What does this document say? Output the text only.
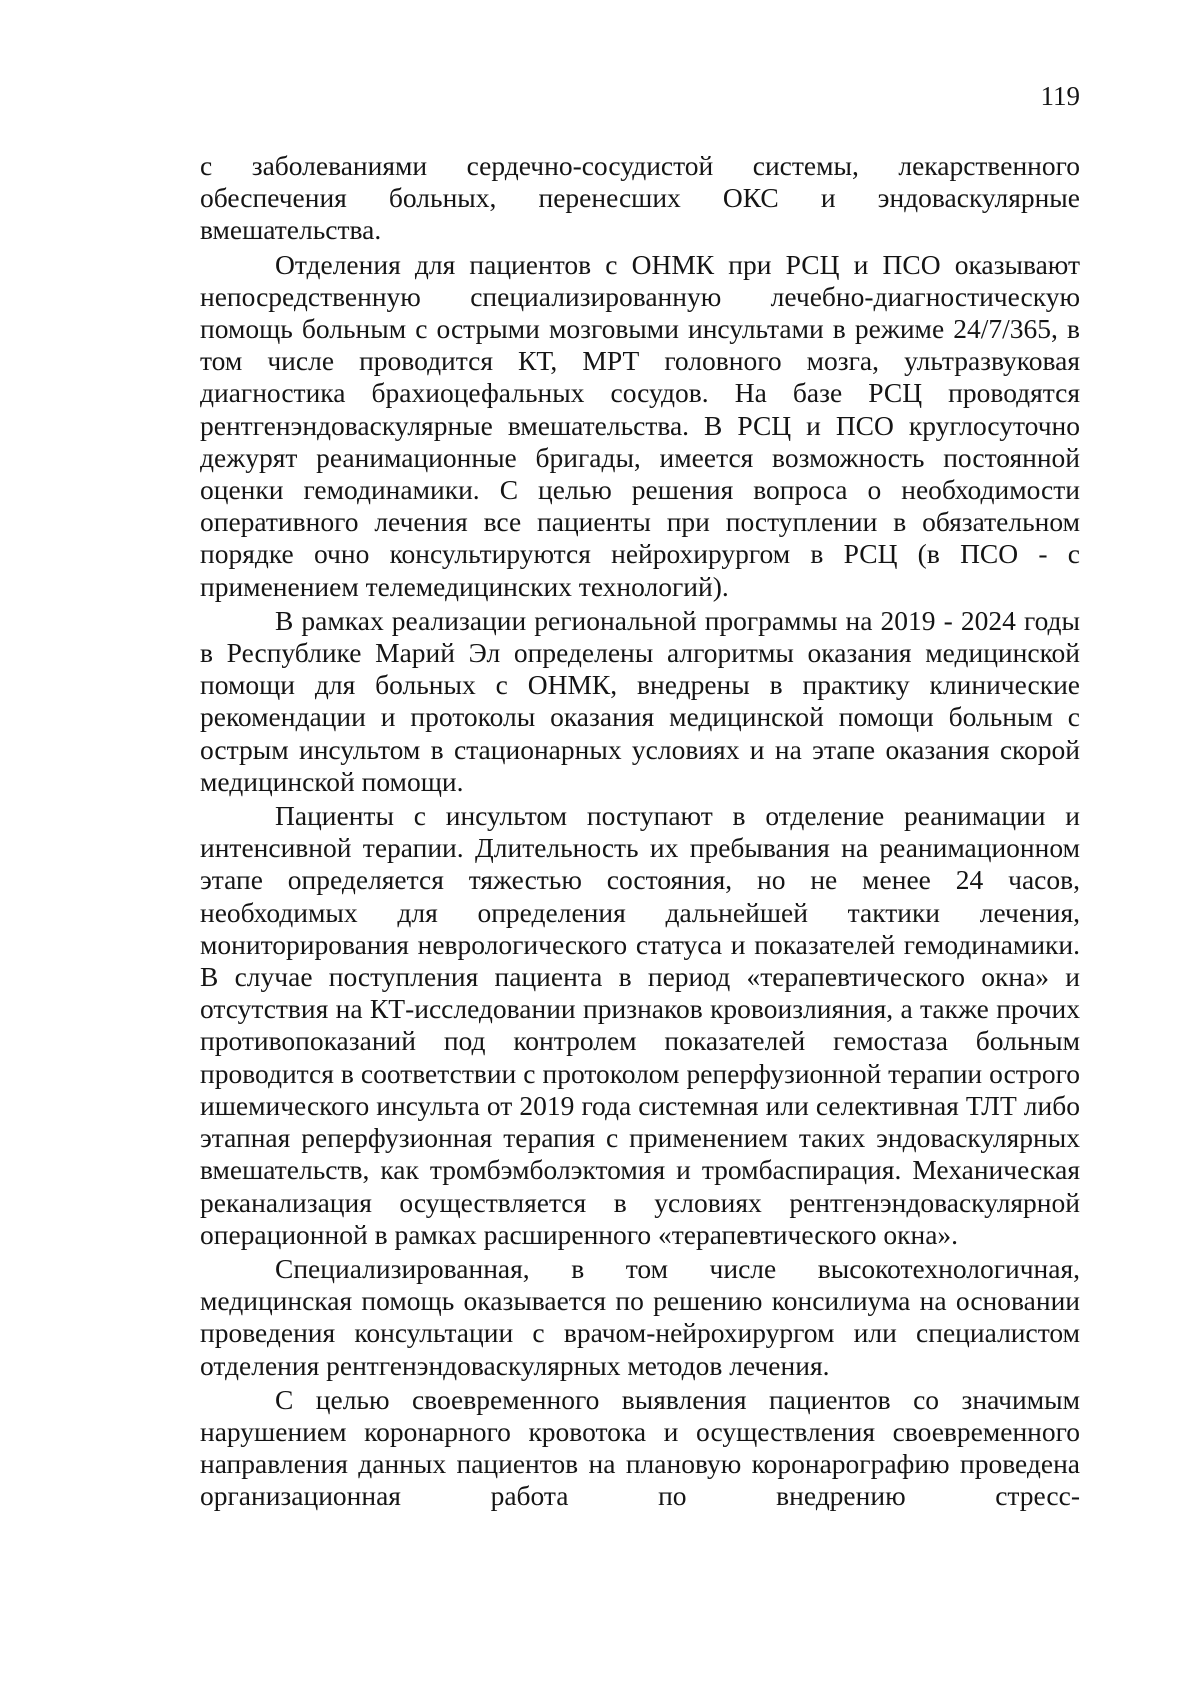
119

с заболеваниями сердечно-сосудистой системы, лекарственного обеспечения больных, перенесших ОКС и эндоваскулярные вмешательства.

Отделения для пациентов с ОНМК при РСЦ и ПСО оказывают непосредственную специализированную лечебно-диагностическую помощь больным с острыми мозговыми инсультами в режиме 24/7/365, в том числе проводится КТ, МРТ головного мозга, ультразвуковая диагностика брахиоцефальных сосудов. На базе РСЦ проводятся рентгенэндоваскулярные вмешательства. В РСЦ и ПСО круглосуточно дежурят реанимационные бригады, имеется возможность постоянной оценки гемодинамики. С целью решения вопроса о необходимости оперативного лечения все пациенты при поступлении в обязательном порядке очно консультируются нейрохирургом в РСЦ (в ПСО - с применением телемедицинских технологий).

В рамках реализации региональной программы на 2019 - 2024 годы в Республике Марий Эл определены алгоритмы оказания медицинской помощи для больных с ОНМК, внедрены в практику клинические рекомендации и протоколы оказания медицинской помощи больным с острым инсультом в стационарных условиях и на этапе оказания скорой медицинской помощи.

Пациенты с инсультом поступают в отделение реанимации и интенсивной терапии. Длительность их пребывания на реанимационном этапе определяется тяжестью состояния, но не менее 24 часов, необходимых для определения дальнейшей тактики лечения, мониторирования неврологического статуса и показателей гемодинамики. В случае поступления пациента в период «терапевтического окна» и отсутствия на КТ-исследовании признаков кровоизлияния, а также прочих противопоказаний под контролем показателей гемостаза больным проводится в соответствии с протоколом реперфузионной терапии острого ишемического инсульта от 2019 года системная или селективная ТЛТ либо этапная реперфузионная терапия с применением таких эндоваскулярных вмешательств, как тромбэмболэктомия и тромбаспирация. Механическая реканализация осуществляется в условиях рентгенэндоваскулярной операционной в рамках расширенного «терапевтического окна».

Специализированная, в том числе высокотехнологичная, медицинская помощь оказывается по решению консилиума на основании проведения консультации с врачом-нейрохирургом или специалистом отделения рентгенэндоваскулярных методов лечения.

С целью своевременного выявления пациентов со значимым нарушением коронарного кровотока и осуществления своевременного направления данных пациентов на плановую коронарографию проведена организационная работа по внедрению стресс-
